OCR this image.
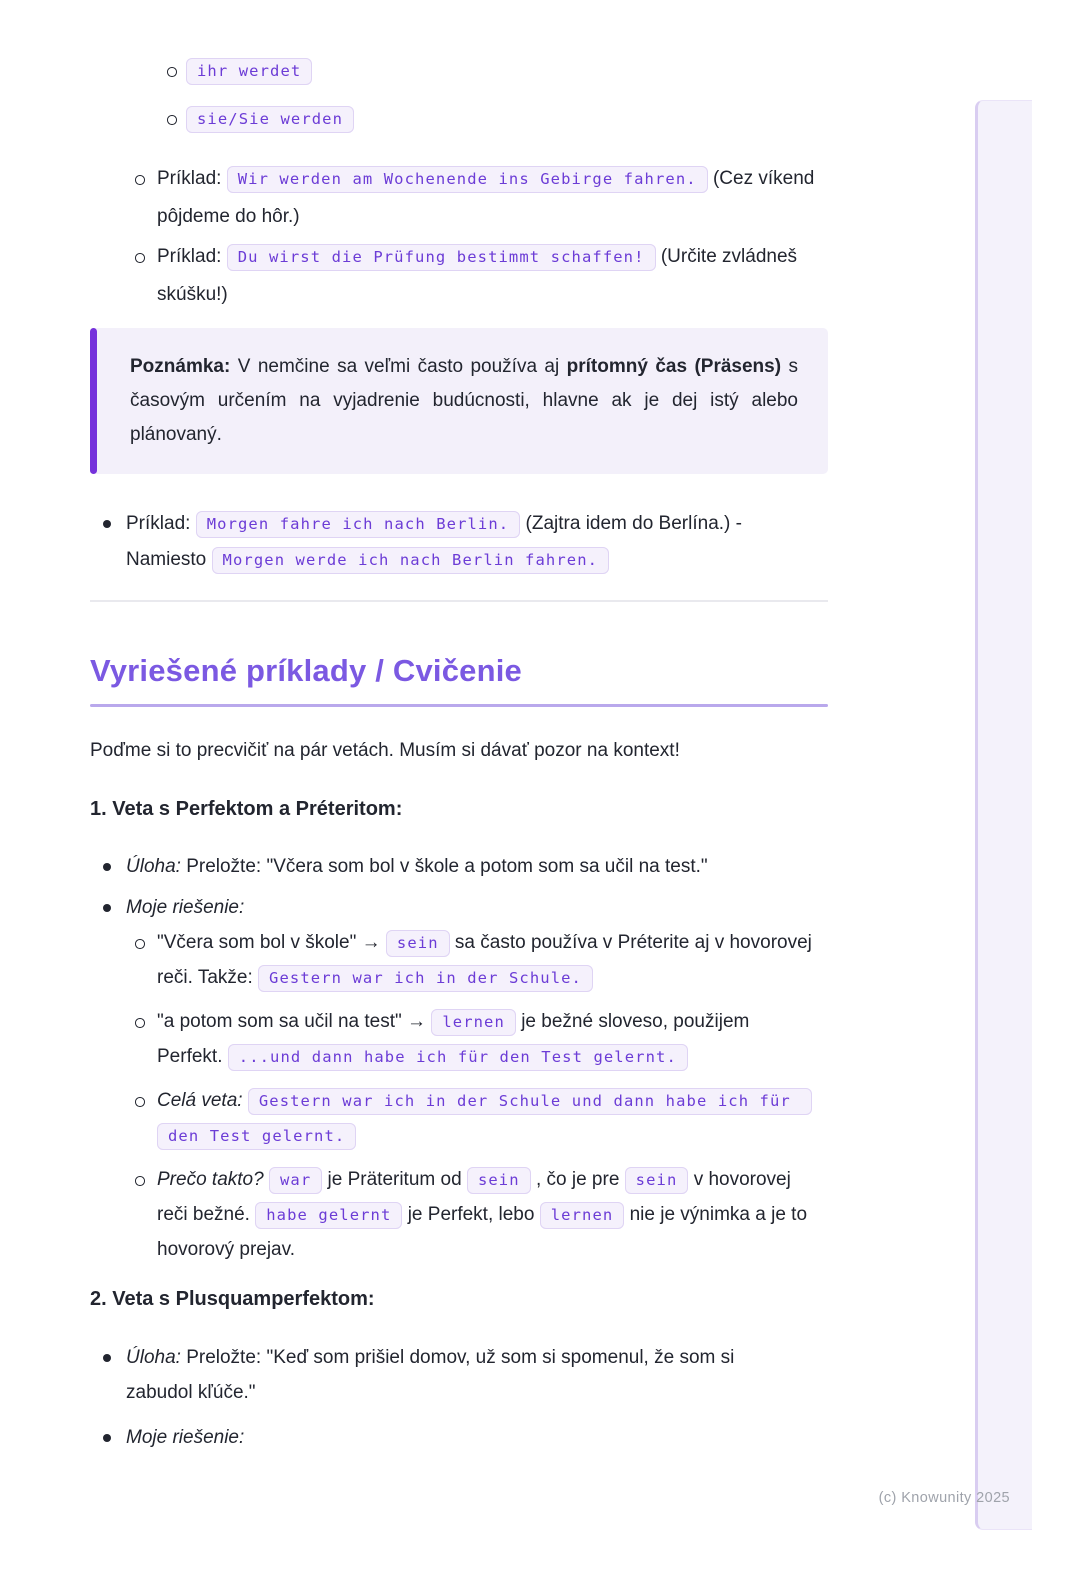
ihr werdet
sie/Sie werden
Príklad: Wir werden am Wochenende ins Gebirge fahren. (Cez víkend pôjdeme do hôr.)
Príklad: Du wirst die Prüfung bestimmt schaffen! (Určite zvládneš skúšku!)
Poznámka: V nemčine sa veľmi často používa aj prítomný čas (Präsens) s časovým určením na vyjadrenie budúcnosti, hlavne ak je dej istý alebo plánovaný.
Príklad: Morgen fahre ich nach Berlin. (Zajtra idem do Berlína.) - Namiesto Morgen werde ich nach Berlin fahren.
Vyriešené príklady / Cvičenie

Poďme si to precvičiť na pár vetách. Musím si dávať pozor na kontext!

1. Veta s Perfektom a Préteritom:

Úloha: Preložte: "Včera som bol v škole a potom som sa učil na test."
Moje riešenie:
"Včera som bol v škole" → sein sa často používa v Préterite aj v hovorovej reči. Takže: Gestern war ich in der Schule.
"a potom som sa učil na test" → lernen je bežné sloveso, použijem Perfekt. ...und dann habe ich für den Test gelernt.
Celá veta: Gestern war ich in der Schule und dann habe ich für den Test gelernt.
Prečo takto? war je Präteritum od sein , čo je pre sein v hovorovej reči bežné. habe gelernt je Perfekt, lebo lernen nie je výnimka a je to hovorový prejav.

2. Veta s Plusquamperfektom:

Úloha: Preložte: "Keď som prišiel domov, už som si spomenul, že som si zabudol kľúče."
Moje riešenie:
(c) Knowunity 2025
